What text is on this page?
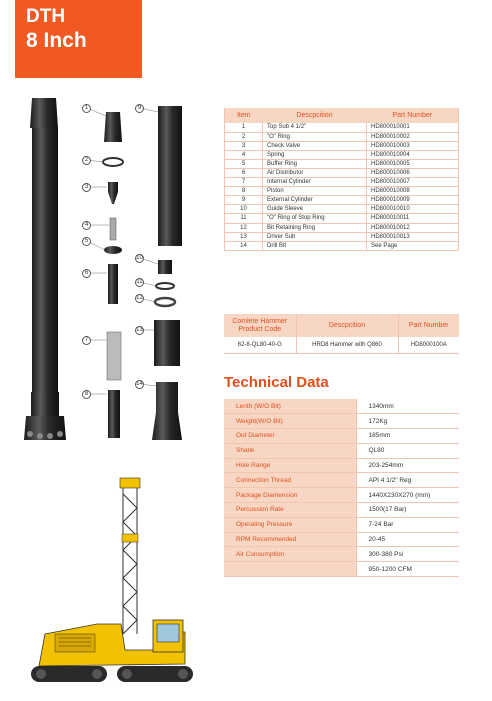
DTH
8 Inch
1
2
3
4
5
6
7
8
9
10
11
12
13
14
Item	Descpcition	Part Number
1	Top Sub 4 1/2"	HD800010001
2	"O" Ring	HD800010002
3	Check Valve	HD800010003
4	Spring	HD800010004
5	Buffer Ring	HD800010005
6	Air Distributor	HD800010006
7	Internal Cylinder	HD800010007
8	Piston	HD800010008
9	External Cylinder	HD800010009
10	Guide Sleeve	HD800010010
11	"O" Ring of Stop Ring	HD800010011
12	Bit Retaining Ring	HD800010012
13	Driver Sub	HD800010013
14	Drill Bit	See Page
Comlete Hammer
Product Code	Descpcition	Part Number
62-8-QL80-40-G	HRD8 Hammer with Q860	HD8000100A
Technical Data
Lenth (W/O Bit)	1340mm
Weight(W/O Bit)	172Kg
Out Diameter	185mm
Shank	QL80
Hole Range	203-254mm
Connection Thread	API 4 1/2" Reg
Package Diamension	1440X230X270 (mm)
Percussion Rate	1500(17 Bar)
Operating Pressure	7-24 Bar
RPM Recommended	20-45
Air Consumption	300-380 Psi
	950-1200 CFM
